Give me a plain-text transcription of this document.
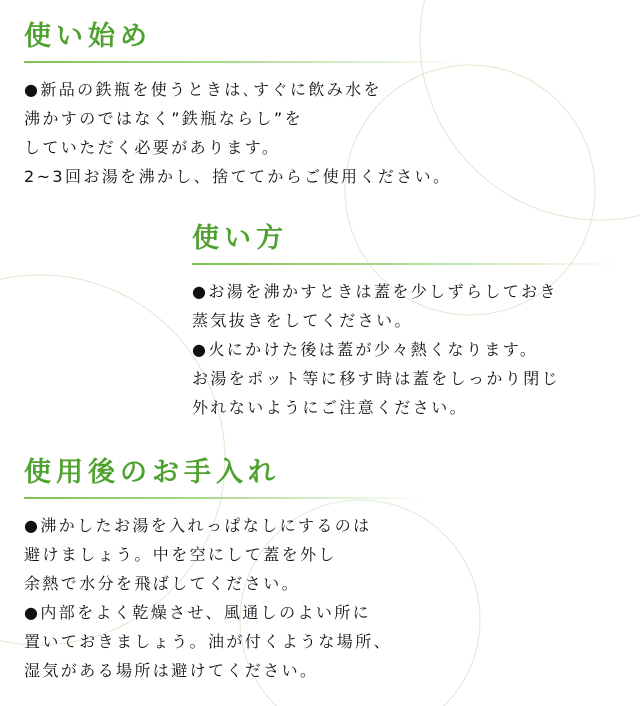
使い始め
●新品の鉄瓶を使うときは､すぐに飲み水を
沸かすのではなく”鉄瓶ならし”を
していただく必要があります。
2~3回お湯を沸かし、捨ててからご使用ください。
使い方
●お湯を沸かすときは蓋を少しずらしておき
蒸気抜きをしてください。
●火にかけた後は蓋が少々熱くなります。
お湯をポット等に移す時は蓋をしっかり閉じ
外れないようにご注意ください。
使用後のお手入れ
●沸かしたお湯を入れっぱなしにするのは
避けましょう。中を空にして蓋を外し
余熱で水分を飛ばしてください。
●内部をよく乾燥させ、風通しのよい所に
置いておきましょう。油が付くような場所、
湿気がある場所は避けてください。
